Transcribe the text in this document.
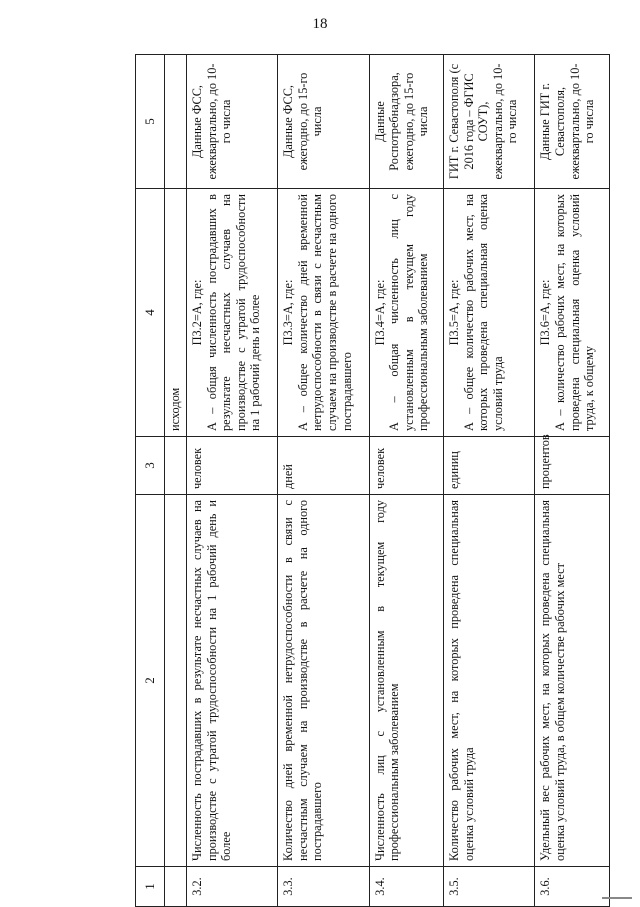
18
1	2	3	4	5
			исходом	
3.2.	Численность пострадавших в результате несчастных случаев на производстве с утратой трудоспособности на 1 рабочий день и более	человек	П3.2=А, где: А – общая численность пострадавших в результате несчастных случаев на производстве с утратой трудоспособности на 1 рабочий день и более	Данные ФСС, ежеквартально, до 10-го числа
3.3.	Количество дней временной нетрудоспособности в связи с несчастным случаем на производстве в расчете на одного пострадавшего	дней	П3.3=А, где: А – общее количество дней временной нетрудоспособности в связи с несчастным случаем на производстве в расчете на одного пострадавшего	Данные ФСС, ежегодно, до 15-го числа
3.4.	Численность лиц с установленным в текущем году профессиональным заболеванием	человек	П3.4=А, где: А – общая численность лиц с установленным в текущем году профессиональным заболеванием	Данные Роспотребнадзора, ежегодно, до 15-го числа
3.5.	Количество рабочих мест, на которых проведена специальная оценка условий труда	единиц	П3.5=А, где: А – общее количество рабочих мест, на которых проведена специальная оценка условий труда	ГИТ г. Севастополя (с 2016 года – ФГИС СОУТ), ежеквартально, до 10-го числа
3.6.	Удельный вес рабочих мест, на которых проведена специальная оценка условий труда, в общем количестве рабочих мест	процентов	П3.6=А, где: А – количество рабочих мест, на которых проведена специальная оценка условий труда, к общему	Данные ГИТ г. Севастополя, ежеквартально, до 10-го числа
